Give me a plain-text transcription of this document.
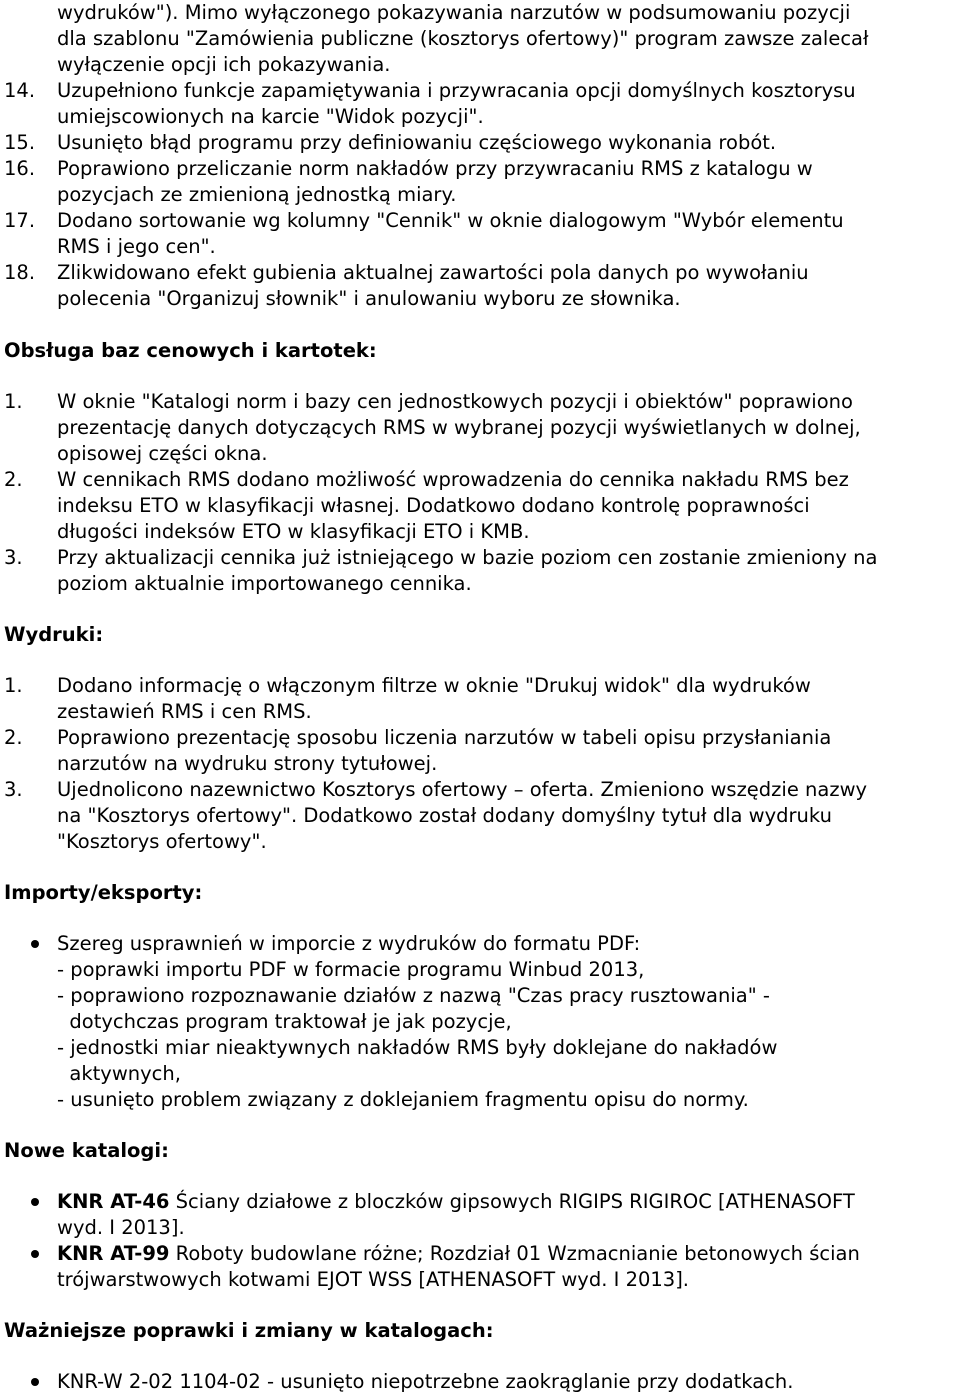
wydruków"). Mimo wyłączonego pokazywania narzutów w podsumowaniu pozycji
dla szablonu "Zamówienia publiczne (kosztorys ofertowy)" program zawsze zalecał
wyłączenie opcji ich pokazywania.
14. Uzupełniono funkcje zapamiętywania i przywracania opcji domyślnych kosztorysu
umiejscowionych na karcie "Widok pozycji".
15. Usunięto błąd programu przy definiowaniu częściowego wykonania robót.
16. Poprawiono przeliczanie norm nakładów przy przywracaniu RMS z katalogu w
pozycjach ze zmienioną jednostką miary.
17. Dodano sortowanie wg kolumny "Cennik" w oknie dialogowym "Wybór elementu
RMS i jego cen".
18. Zlikwidowano efekt gubienia aktualnej zawartości pola danych po wywołaniu
polecenia "Organizuj słownik" i anulowaniu wyboru ze słownika.
Obsługa baz cenowych i kartotek:
1. W oknie "Katalogi norm i bazy cen jednostkowych pozycji i obiektów" poprawiono
prezentację danych dotyczących RMS w wybranej pozycji wyświetlanych w dolnej,
opisowej części okna.
2. W cennikach RMS dodano możliwość wprowadzenia do cennika nakładu RMS bez
indeksu ETO w klasyfikacji własnej. Dodatkowo dodano kontrolę poprawności
długości indeksów ETO w klasyfikacji ETO i KMB.
3. Przy aktualizacji cennika już istniejącego w bazie poziom cen zostanie zmieniony na
poziom aktualnie importowanego cennika.
Wydruki:
1. Dodano informację o włączonym filtrze w oknie "Drukuj widok" dla wydruków
zestawień RMS i cen RMS.
2. Poprawiono prezentację sposobu liczenia narzutów w tabeli opisu przysłaniania
narzutów na wydruku strony tytułowej.
3. Ujednolicono nazewnictwo Kosztorys ofertowy – oferta. Zmieniono wszędzie nazwy
na "Kosztorys ofertowy". Dodatkowo został dodany domyślny tytuł dla wydruku
"Kosztorys ofertowy".
Importy/eksporty:
Szereg usprawnień w imporcie z wydruków do formatu PDF:
- poprawki importu PDF w formacie programu Winbud 2013,
- poprawiono rozpoznawanie działów z nazwą "Czas pracy rusztowania" -
dotychczas program traktował je jak pozycje,
- jednostki miar nieaktywnych nakładów RMS były doklejane do nakładów
aktywnych,
- usunięto problem związany z doklejaniem fragmentu opisu do normy.
Nowe katalogi:
KNR AT-46 Ściany działowe z bloczków gipsowych RIGIPS RIGIROC [ATHENASOFT
wyd. I 2013].
KNR AT-99 Roboty budowlane różne; Rozdział 01 Wzmacnianie betonowych ścian
trójwarstwowych kotwami EJOT WSS [ATHENASOFT wyd. I 2013].
Ważniejsze poprawki i zmiany w katalogach:
KNR-W 2-02 1104-02 - usunięto niepotrzebne zaokrąglanie przy dodatkach.
